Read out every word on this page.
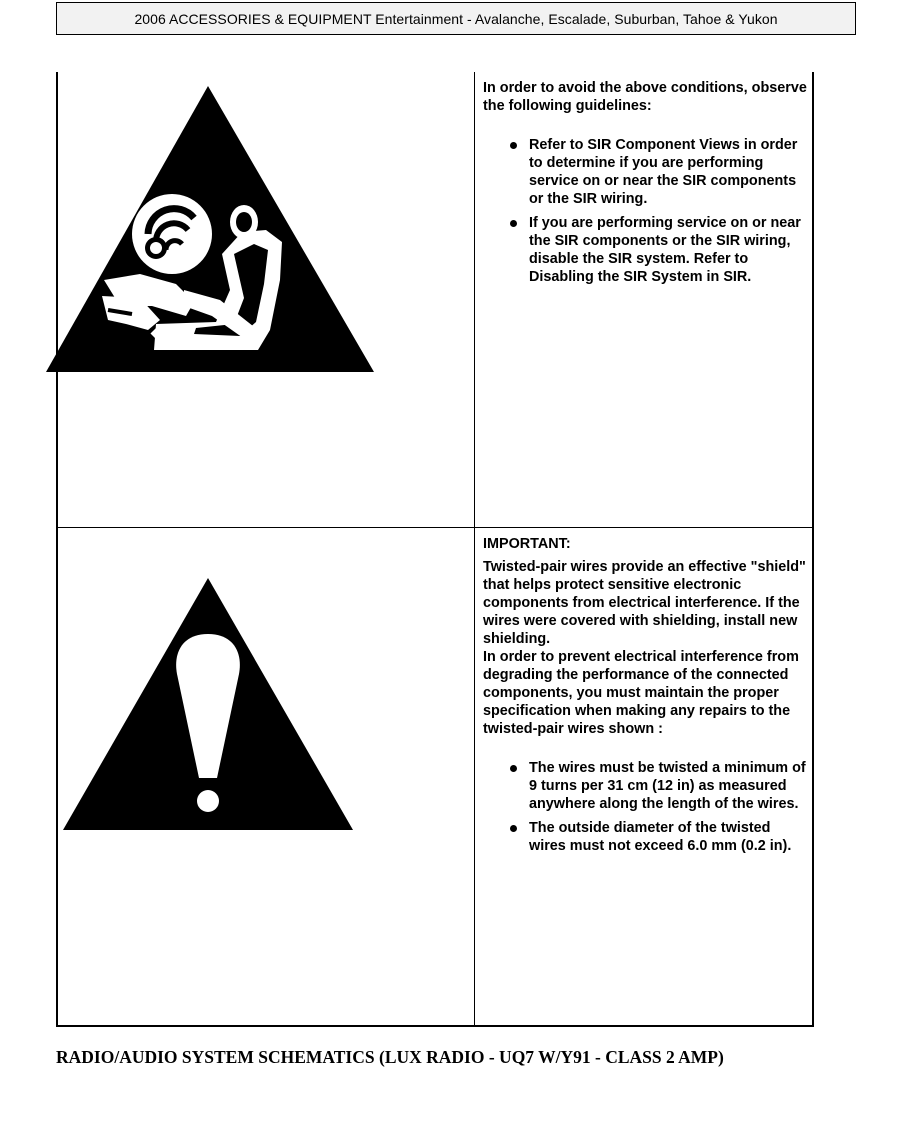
2006 ACCESSORIES & EQUIPMENT Entertainment - Avalanche, Escalade, Suburban, Tahoe & Yukon

In order to avoid the above conditions, observe the following guidelines:

Refer to SIR Component Views in order to determine if you are performing service on or near the SIR components or the SIR wiring.
If you are performing service on or near the SIR components or the SIR wiring, disable the SIR system. Refer to Disabling the SIR System in SIR.

IMPORTANT:

Twisted-pair wires provide an effective "shield" that helps protect sensitive electronic components from electrical interference. If the wires were covered with shielding, install new shielding.

In order to prevent electrical interference from degrading the performance of the connected components, you must maintain the proper specification when making any repairs to the twisted-pair wires shown :

The wires must be twisted a minimum of 9 turns per 31 cm (12 in) as measured anywhere along the length of the wires.
The outside diameter of the twisted wires must not exceed 6.0 mm (0.2 in).
RADIO/AUDIO SYSTEM SCHEMATICS (LUX RADIO - UQ7 W/Y91 - CLASS 2 AMP)
